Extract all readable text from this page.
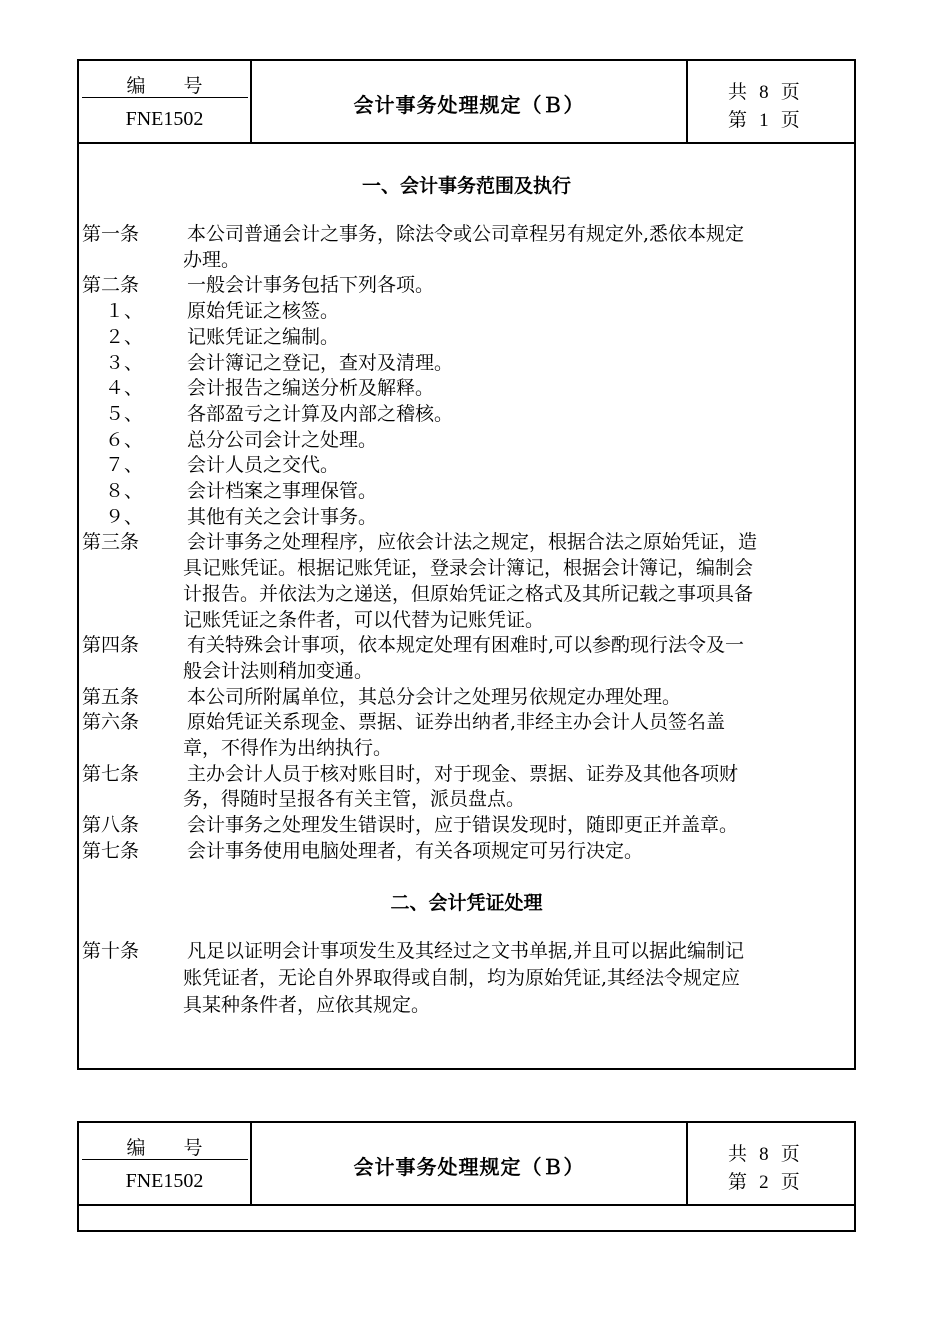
编　　号
FNE1502
会计事务处理规定（Ｂ）
共 8 页
第 1 页
一、会计事务范围及执行
第一条	本公司普通会计之事务，除法令或公司章程另有规定外,悉依本规定
办理。
第二条	一般会计事务包括下列各项。
１、 原始凭证之核签。
２、 记账凭证之编制。
３、 会计簿记之登记，查对及清理。
４、 会计报告之编送分析及解释。
５、 各部盈亏之计算及内部之稽核。
６、 总分公司会计之处理。
７、 会计人员之交代。
８、 会计档案之事理保管。
９、 其他有关之会计事务。
第三条	会计事务之处理程序，应依会计法之规定，根据合法之原始凭证，造
具记账凭证。根据记账凭证，登录会计簿记，根据会计簿记，编制会
计报告。并依法为之递送，但原始凭证之格式及其所记载之事项具备
记账凭证之条件者，可以代替为记账凭证。
第四条	有关特殊会计事项，依本规定处理有困难时,可以参酌现行法令及一
般会计法则稍加变通。
第五条	本公司所附属单位，其总分会计之处理另依规定办理处理。
第六条	原始凭证关系现金、票据、证券出纳者,非经主办会计人员签名盖
章，不得作为出纳执行。
第七条	主办会计人员于核对账目时，对于现金、票据、证券及其他各项财
务，得随时呈报各有关主管，派员盘点。
第八条	会计事务之处理发生错误时，应于错误发现时，随即更正并盖章。
第七条	会计事务使用电脑处理者，有关各项规定可另行决定。
二、会计凭证处理
第十条	凡足以证明会计事项发生及其经过之文书单据,并且可以据此编制记
账凭证者，无论自外界取得或自制，均为原始凭证,其经法令规定应
具某种条件者，应依其规定。
编　　号
FNE1502
会计事务处理规定（Ｂ）
共 8 页
第 2 页
